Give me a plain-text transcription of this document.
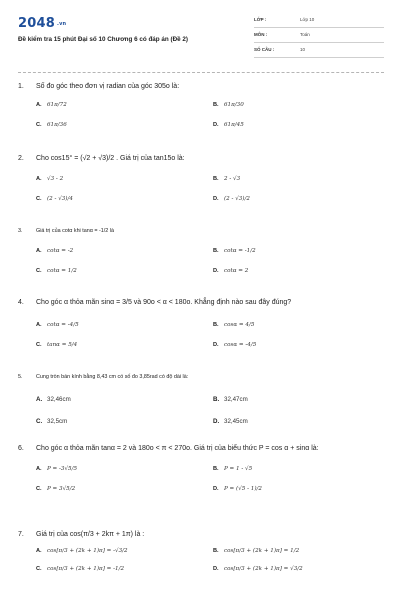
2048 .vn
Đề kiểm tra 15 phút Đại số 10 Chương 6 có đáp án (Đề 2)
LỚP :	Lớp 10
MÔN :	Toán
SỐ CÂU :	10
1.	Số đo góc theo đơn vị radian của góc 305o là:
A. 61π/72	B. 61π/30
C. 61π/36	D. 61π/45
2.	Cho cos15° = (√2 + √3)/2 . Giá trị của tan15o là:
A. √3 - 2	B. 2 - √3
C. (2 - √3)/4	D. (2 - √3)/2
3.	Giá trị của cotα khi tanα = -1/2 là
A. cotα = -2	B. cotα = -1/2
C. cotα = 1/2	D. cotα = 2
4.	Cho góc α thỏa mãn sinα = 3/5 và 90o < α < 180o. Khẳng định nào sau đây đúng?
A. cotα = -4/5	B. cosα = 4/5
C. tanα = 5/4	D. cosα = -4/5
5.	Cung tròn bán kính bằng 8,43 cm có số đo 3,85rad có độ dài là:
A. 32,46cm	B. 32,47cm
C. 32,5cm	D. 32,45cm
6.	Cho góc α thỏa mãn tanα = 2 và 180o < π < 270o. Giá trị của biểu thức P = cos α + sinα là:
A. P = -3√5/5	B. P = 1 - √5
C. P = 3√5/2	D. P = (√5 - 1)/2
7.	Giá trị của cos(π/3 + 2kπ + 1π) là :
A. cos[π/3 + (2k + 1)π] = -√3/2	B. cos[π/3 + (2k + 1)π] = 1/2
C. cos[π/3 + (2k + 1)π] = -1/2	D. cos[π/3 + (2k + 1)π] = √3/2
